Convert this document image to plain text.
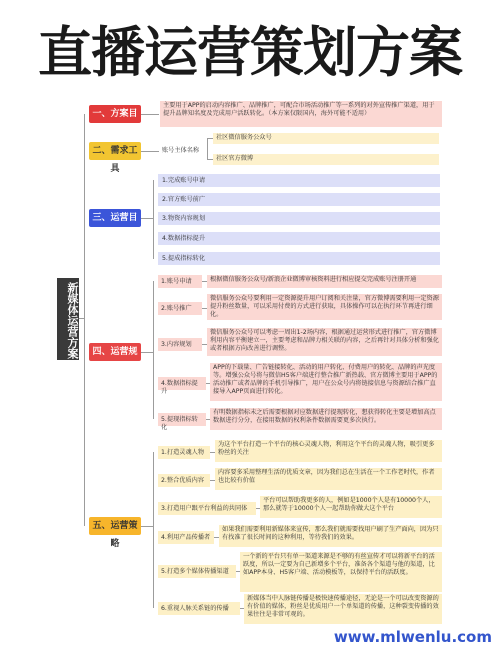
直播运营策划方案
新媒体运营方案
一、方案目的
主要用于APP的启动内容推广、品牌推广，可配合市场活动推广等一系列的对外宣传推广渠道，用于提升品牌知名度及完成用户活跃转化。（本方案仅限国内，海外可能不适用）
二、需求工具
账号主体名称
社区微信服务公众号
社区官方微博
三、运营目标
1.完成账号申请
2.官方账号前广
3.物资内容规划
4.数据指标提升
5.提成指标转化
四、运营规划
1.账号申请	根据微信服务公众号/新浪企业微博审核资料进行相应提交完成账号注册开通
2.账号推广
微信服务公众号要利用一定资源提升用户订阅和关注量，官方微博需要利用一定资源提升粉丝数量，可以采用付费的方式进行获取，具体操作可以在执行环节再进行细化。
3.内容规划
微信服务公众号可以考虑一周出1-2场内容，根据通过运营形式进行推广，官方微博利用内容平衡建立一，主要考虑和品牌力相关联的内容，之后再针对具体分析和强化或者根据方向改善进行调整。
4.数据指标提升
APP的下载量、广告链接转化、活动的用户转化、付费用户的转化、品牌的声光度等。增强公众号将与微信H5客户端进行整合推广新热载、官方微博主要用于APP的活动推广或者品牌的手机引导推广，用户在公众号内将链接信息与资源结合推广直接导入APP页面进行转化。
5.提现指标转化
有明数据指标未之后需要根据对应数据进行提现转化，想获得转化主要是增加高点数据进行分分，在接用数据的权利条件数据需要更多次执行。
五、运营策略
1.打造灵魂人物
为这个平台打造一个平台的核心灵魂人物，利用这个平台的灵魂人物，吸引更多粉丝的关注
2.整合优质内容
内容要多采用整理生活的优质文章，因为我们总在生活在一个工作老时代，作者也比较有价值
3.打造用户跟平台利益的共同体
平台可以帮助我更多的人，例如是1000个人是有10000个人，那么就等于10000个人一起帮助你做大这个平台
4.利用产品传播者
如果我们需要利用新媒体来宣传，那么我们就需要找用户刷了生产面向，因为只有找准了很长时间的这种利用，等待我们的效果。
5.打造多个媒体传播渠道
一个新的平台只有单一渠道来源是不够的有丝宣传才可以将新平台的活跃度，所以一定要为自己新增多个平台，准备各个渠道与他的渠道，比如APP本身、H5客户端、活动模板等，以保持平台的活跃度。
6.重视人脉关系链的传播
新媒体当中人脉链传播是极快速传播途径，无论是一个可以改变资源的有价值的媒体，粉丝是优质用户一个单渠道的传播，这种裂变传播的效果往往是非常可观的。
www.mlwenlu.com
